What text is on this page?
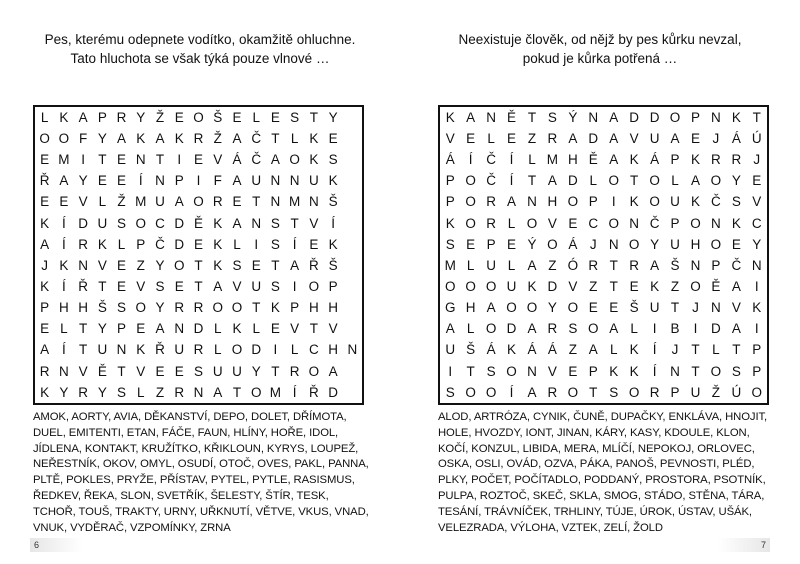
Pes, kterému odepnete vodítko, okamžitě ohluchne.
Tato hluchota se však týká pouze vlnové …
L K A P R Y Ž E O Š E L E S T Y
O O F Y A K A K R Ž A Č T L K E
E M I T E N T I E V Á Č A O K S
Ř A Y E E Í N P I F A U N N U K
E E V L Ž M U A O R E T N M N Š
K Í D U S O C D Ě K A N S T V Í
A Í R K L P Č D E K L I S Í E K
J K N V E Z Y O T K S E T A Ř Š
K Í Ř T E V S E T A V U S I O P
P H H Š S O Y R R O O T K P H H
E L T Y P E A N D L K L E V T V
A Í T U N K Ř U R L O D I L C H N
R N V Ě T V E E S U U Y T R O A
K Y R Y S L Z R N A T O M Í Ř D
AMOK, AORTY, AVIA, DĚKANSTVÍ, DEPO, DOLET, DŘÍMOTA, DUEL, EMITENTI, ETAN, FÁČE, FAUN, HLÍNY, HOŘE, IDOL, JÍDLENA, KONTAKT, KRUŽÍTKO, KŘIKLOUN, KYRYS, LOUPEŽ, NEŘESTNÍK, OKOV, OMYL, OSUDÍ, OTOČ, OVES, PAKL, PANNA, PLTĚ, POKLES, PRYŽE, PŘÍSTAV, PYTEL, PYTLE, RASISMUS, ŘEDKEV, ŘEKA, SLON, SVETŘÍK, ŠELESTY, ŠTÍR, TESK, TCHOŘ, TOUŠ, TRAKTY, URNY, UŘKNUTÍ, VĚTVE, VKUS, VNAD, VNUK, VYDĚRAČ, VZPOMÍNKY, ZRNA
6
Neexistuje člověk, od nějž by pes kůrku nevzal,
pokud je kůrka potřená …
K A N Ě T S Ý N A D D O P N K T
V E L E Z R A D A V U A E J Á Ú
Á Í Č Í L M H Ě A K Á P K R R J
P O Č Í T A D L O T O L A O Y E
P O R A N H O P I K O U K Č S V
K O R L O V E C O N Č P O N K C
S E P E Ý O Á J N O Y U H O E Y
M L U L A Z Ó R T R A Š N P Č N
O O O U K D V Z T E K Z O Ě A I
G H A O O Y O E E Š U T J N V K
A L O D A R S O A L I B I D A I
U Š Á K Á Á Z A L K Í J T L T P
I T S O N V E P K K Í N T O S P
S O O Í A R O T S O R P U Ž Ú O
ALOD, ARTRÓZA, CYNIK, ČUNĚ, DUPAČKY, ENKLÁVA, HNOJIT, HOLE, HVOZDY, IONT, JINAN, KÁRY, KASY, KDOULE, KLON, KOČÍ, KONZUL, LIBIDA, MERA, MLÍČÍ, NEPOKOJ, ORLOVEC, OSKA, OSLI, OVÁD, OZVA, PÁKA, PANOŠ, PEVNOSTI, PLÉD, PLKY, POČET, POČÍTADLO, PODDANÝ, PROSTORA, PSOTNÍK, PULPA, ROZTOČ, SKEČ, SKLA, SMOG, STÁDO, STĚNA, TÁRA, TESÁNÍ, TRÁVNÍČEK, TRHLINY, TÚJE, ÚROK, ÚSTAV, UŠÁK, VELEZRADA, VÝLOHA, VZTEK, ZELÍ, ŽOLD
7
